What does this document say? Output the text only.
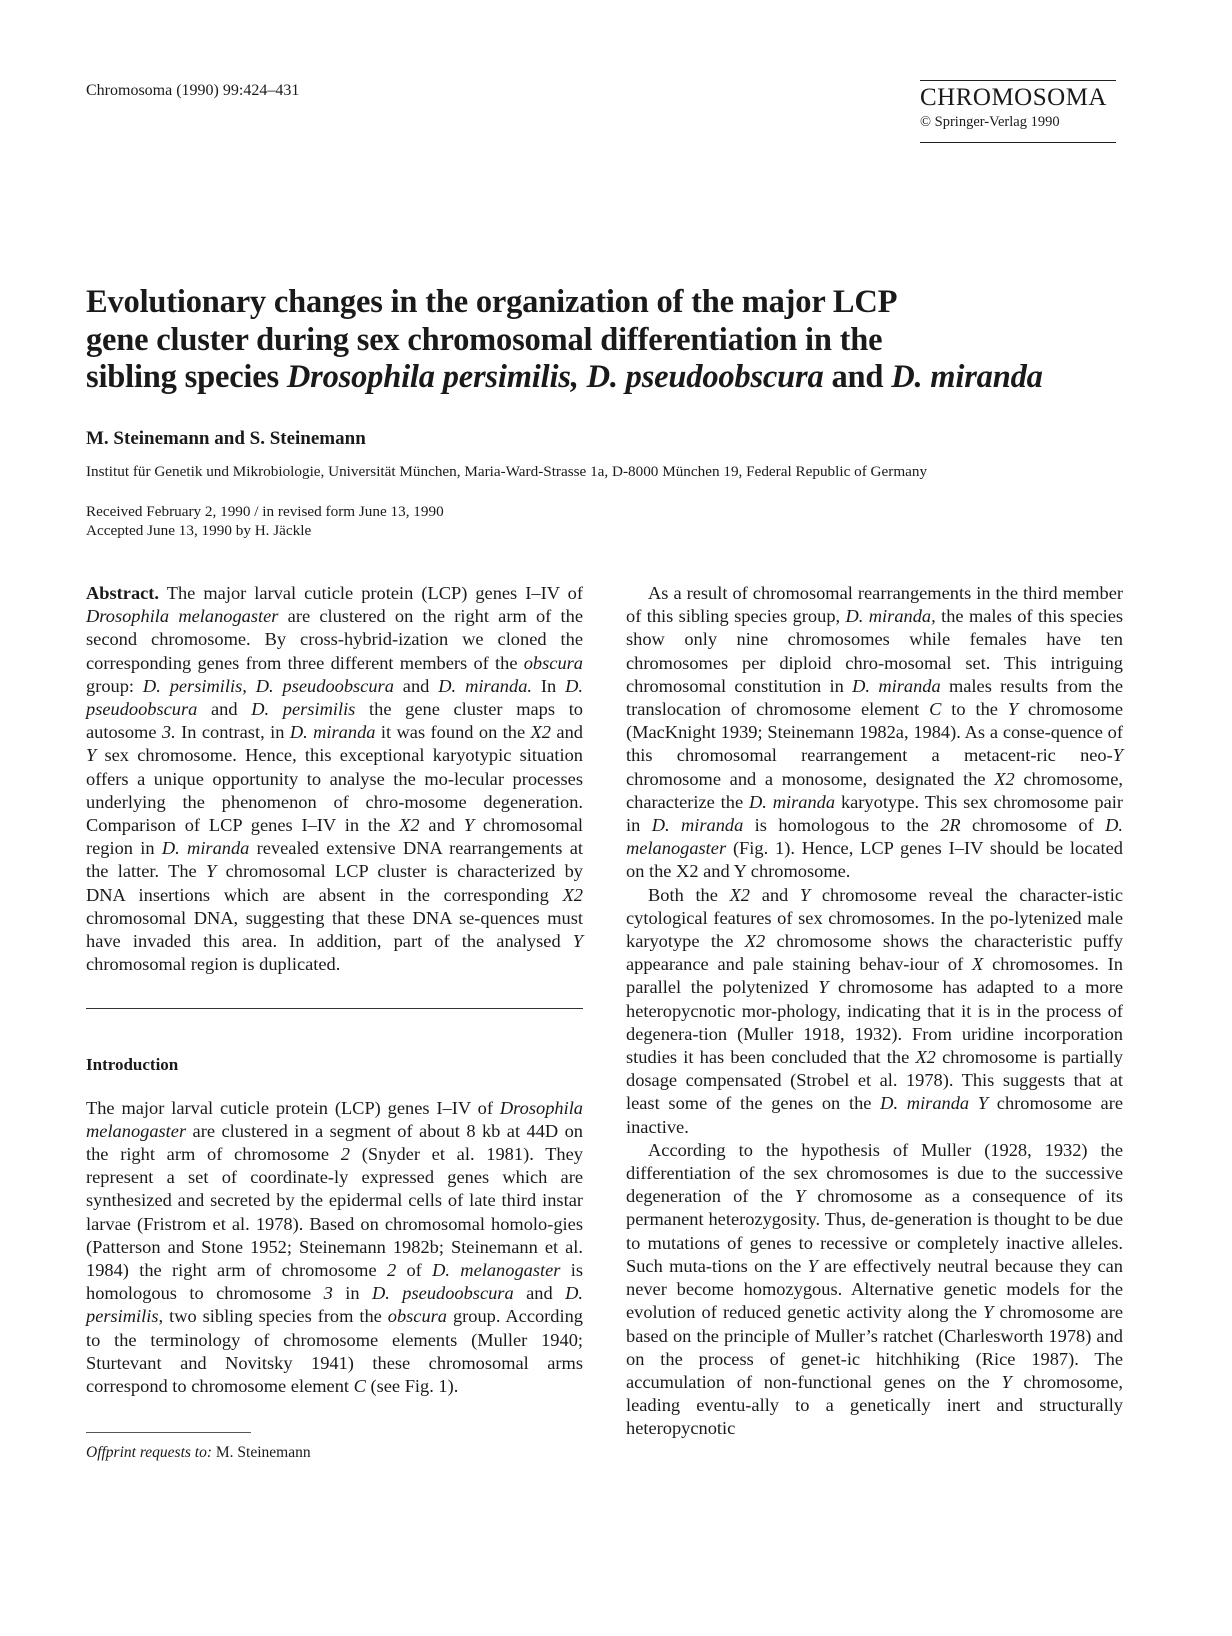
Chromosoma (1990) 99:424–431	CHROMOSOMA
© Springer-Verlag 1990
Evolutionary changes in the organization of the major LCP
gene cluster during sex chromosomal differentiation in the
sibling species Drosophila persimilis, D. pseudoobscura and D. miranda
M. Steinemann and S. Steinemann
Institut für Genetik und Mikrobiologie, Universität München, Maria-Ward-Strasse 1a, D-8000 München 19, Federal Republic of Germany
Received February 2, 1990 / in revised form June 13, 1990
Accepted June 13, 1990 by H. Jäckle

Abstract. The major larval cuticle protein (LCP) genes I–IV of Drosophila melanogaster are clustered on the right arm of the second chromosome. By cross-hybrid-ization we cloned the corresponding genes from three different members of the obscura group: D. persimilis, D. pseudoobscura and D. miranda. In D. pseudoobscura and D. persimilis the gene cluster maps to autosome 3. In contrast, in D. miranda it was found on the X2 and Y sex chromosome. Hence, this exceptional karyotypic situation offers a unique opportunity to analyse the mo-lecular processes underlying the phenomenon of chro-mosome degeneration. Comparison of LCP genes I–IV in the X2 and Y chromosomal region in D. miranda revealed extensive DNA rearrangements at the latter. The Y chromosomal LCP cluster is characterized by DNA insertions which are absent in the corresponding X2 chromosomal DNA, suggesting that these DNA se-quences must have invaded this area. In addition, part of the analysed Y chromosomal region is duplicated.

Introduction

The major larval cuticle protein (LCP) genes I–IV of Drosophila melanogaster are clustered in a segment of about 8 kb at 44D on the right arm of chromosome 2 (Snyder et al. 1981). They represent a set of coordinate-ly expressed genes which are synthesized and secreted by the epidermal cells of late third instar larvae (Fristrom et al. 1978). Based on chromosomal homolo-gies (Patterson and Stone 1952; Steinemann 1982b; Steinemann et al. 1984) the right arm of chromosome 2 of D. melanogaster is homologous to chromosome 3 in D. pseudoobscura and D. persimilis, two sibling species from the obscura group. According to the terminology of chromosome elements (Muller 1940; Sturtevant and Novitsky 1941) these chromosomal arms correspond to chromosome element C (see Fig. 1).

Offprint requests to: M. Steinemann

As a result of chromosomal rearrangements in the third member of this sibling species group, D. miranda, the males of this species show only nine chromosomes while females have ten chromosomes per diploid chro-mosomal set. This intriguing chromosomal constitution in D. miranda males results from the translocation of chromosome element C to the Y chromosome (MacKnight 1939; Steinemann 1982a, 1984). As a conse-quence of this chromosomal rearrangement a metacent-ric neo-Y chromosome and a monosome, designated the X2 chromosome, characterize the D. miranda karyotype. This sex chromosome pair in D. miranda is homologous to the 2R chromosome of D. melanogaster (Fig. 1). Hence, LCP genes I–IV should be located on the X2 and Y chromosome.

Both the X2 and Y chromosome reveal the character-istic cytological features of sex chromosomes. In the po-lytenized male karyotype the X2 chromosome shows the characteristic puffy appearance and pale staining behav-iour of X chromosomes. In parallel the polytenized Y chromosome has adapted to a more heteropycnotic mor-phology, indicating that it is in the process of degenera-tion (Muller 1918, 1932). From uridine incorporation studies it has been concluded that the X2 chromosome is partially dosage compensated (Strobel et al. 1978). This suggests that at least some of the genes on the D. miranda Y chromosome are inactive.

According to the hypothesis of Muller (1928, 1932) the differentiation of the sex chromosomes is due to the successive degeneration of the Y chromosome as a consequence of its permanent heterozygosity. Thus, de-generation is thought to be due to mutations of genes to recessive or completely inactive alleles. Such muta-tions on the Y are effectively neutral because they can never become homozygous. Alternative genetic models for the evolution of reduced genetic activity along the Y chromosome are based on the principle of Muller’s ratchet (Charlesworth 1978) and on the process of genet-ic hitchhiking (Rice 1987). The accumulation of non-functional genes on the Y chromosome, leading eventu-ally to a genetically inert and structurally heteropycnotic
